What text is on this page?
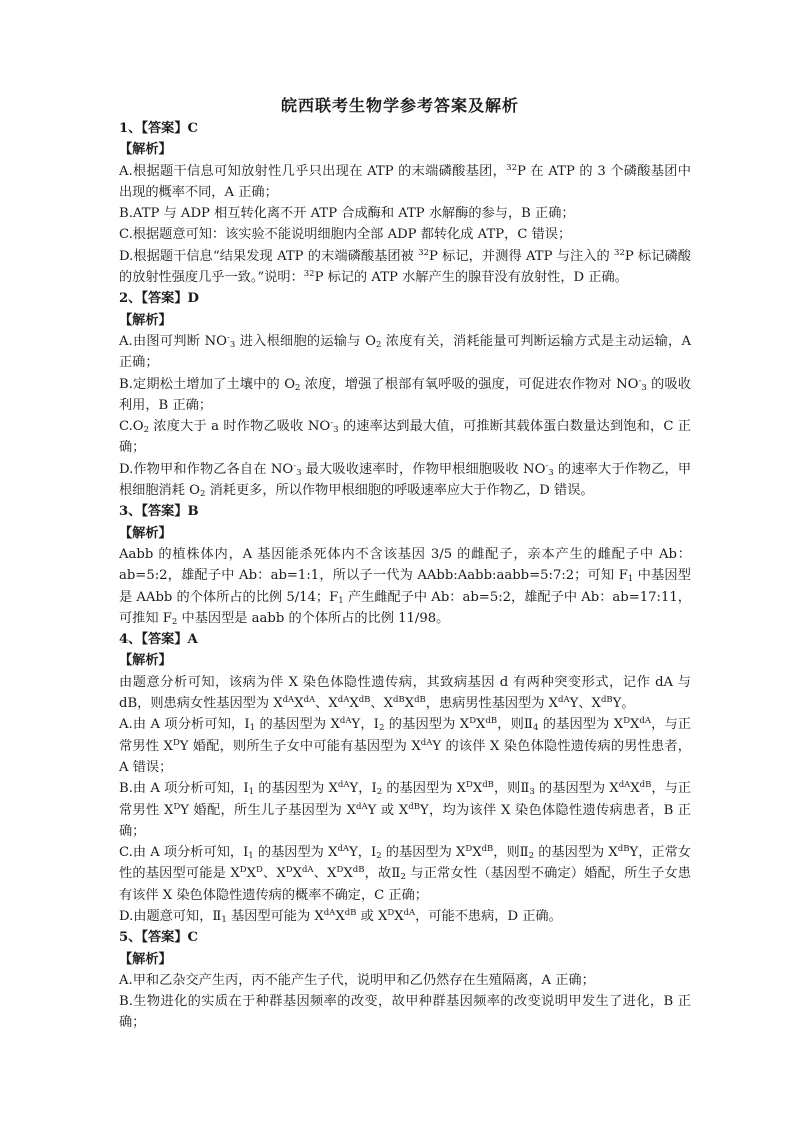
皖西联考生物学参考答案及解析

1、【答案】C

【解析】

A.根据题干信息可知放射性几乎只出现在 ATP 的末端磷酸基团，$^{32}$P 在 ATP 的 3 个磷酸基团中出现的概率不同，A 正确；

B.ATP 与 ADP 相互转化离不开 ATP 合成酶和 ATP 水解酶的参与，B 正确；

C.根据题意可知：该实验不能说明细胞内全部 ADP 都转化成 ATP，C 错误；

D.根据题干信息“结果发现 ATP 的末端磷酸基团被 $^{32}$P 标记，并测得 ATP 与注入的 $^{32}$P 标记磷酸的放射性强度几乎一致。”说明：$^{32}$P 标记的 ATP 水解产生的腺苷没有放射性，D 正确。

2、【答案】D

【解析】

A.由图可判断 $NO^-_3$ 进入根细胞的运输与 $O_2$ 浓度有关，消耗能量可判断运输方式是主动运输，A 正确；

B.定期松土增加了土壤中的 $O_2$ 浓度，增强了根部有氧呼吸的强度，可促进农作物对 $NO^-_3$ 的吸收利用，B 正确；

$C.O_2$ 浓度大于 a 时作物乙吸收 $NO^-_3$ 的速率达到最大值，可推断其载体蛋白数量达到饱和，C 正确；

D.作物甲和作物乙各自在 $NO^-_3$ 最大吸收速率时，作物甲根细胞吸收 $NO^-_3$ 的速率大于作物乙，甲根细胞消耗 $O_2$ 消耗更多，所以作物甲根细胞的呼吸速率应大于作物乙，D 错误。

3、【答案】B

【解析】

Aabb 的植株体内，A 基因能杀死体内不含该基因 3/5 的雌配子，亲本产生的雌配子中 Ab：ab=5:2，雄配子中 Ab：ab=1:1，所以子一代为 AAbb:Aabb:aabb=5:7:2；可知 $F_1$ 中基因型是 AAbb 的个体所占的比例 5/14；$F_1$ 产生雌配子中 Ab：ab=5:2，雄配子中 Ab：ab=17:11，可推知 $F_2$ 中基因型是 aabb 的个体所占的比例 11/98。

4、【答案】A

【解析】

由题意分析可知，该病为伴 X 染色体隐性遗传病，其致病基因 d 有两种突变形式，记作 dA 与 dB，则患病女性基因型为 $X^{dA}X^{dA}$、$X^{dA}X^{dB}$、$X^{dB}X^{dB}$，患病男性基因型为 $X^{dA}Y$、$X^{dB}Y$。

A.由 A 项分析可知，$Ⅰ_1$ 的基因型为 $X^{dA}Y$，$Ⅰ_2$ 的基因型为 $X^DX^{dB}$，则$Ⅱ_4$ 的基因型为 $X^DX^{dA}$，与正常男性 $X^DY$ 婚配，则所生子女中可能有基因型为 $X^{dA}Y$ 的该伴 X 染色体隐性遗传病的男性患者，A 错误；

B.由 A 项分析可知，$Ⅰ_1$ 的基因型为 $X^{dA}Y$，$Ⅰ_2$ 的基因型为 $X^DX^{dB}$，则$Ⅱ_3$ 的基因型为 $X^{dA}X^{dB}$，与正常男性 $X^DY$ 婚配，所生儿子基因型为 $X^{dA}Y$ 或 $X^{dB}Y$，均为该伴 X 染色体隐性遗传病患者，B 正确；

C.由 A 项分析可知，$Ⅰ_1$ 的基因型为 $X^{dA}Y$，$Ⅰ_2$ 的基因型为 $X^DX^{dB}$，则$Ⅱ_2$ 的基因型为 $X^{dB}Y$，正常女性的基因型可能是 $X^DX^D$、$X^DX^{dA}$、$X^DX^{dB}$，故$Ⅱ_2$ 与正常女性（基因型不确定）婚配，所生子女患有该伴 X 染色体隐性遗传病的概率不确定，C 正确；

D.由题意可知，$Ⅱ_1$ 基因型可能为 $X^{dA}X^{dB}$ 或 $X^DX^{dA}$，可能不患病，D 正确。

5、【答案】C

【解析】

A.甲和乙杂交产生丙，丙不能产生子代，说明甲和乙仍然存在生殖隔离，A 正确；

B.生物进化的实质在于种群基因频率的改变，故甲种群基因频率的改变说明甲发生了进化，B 正确；
